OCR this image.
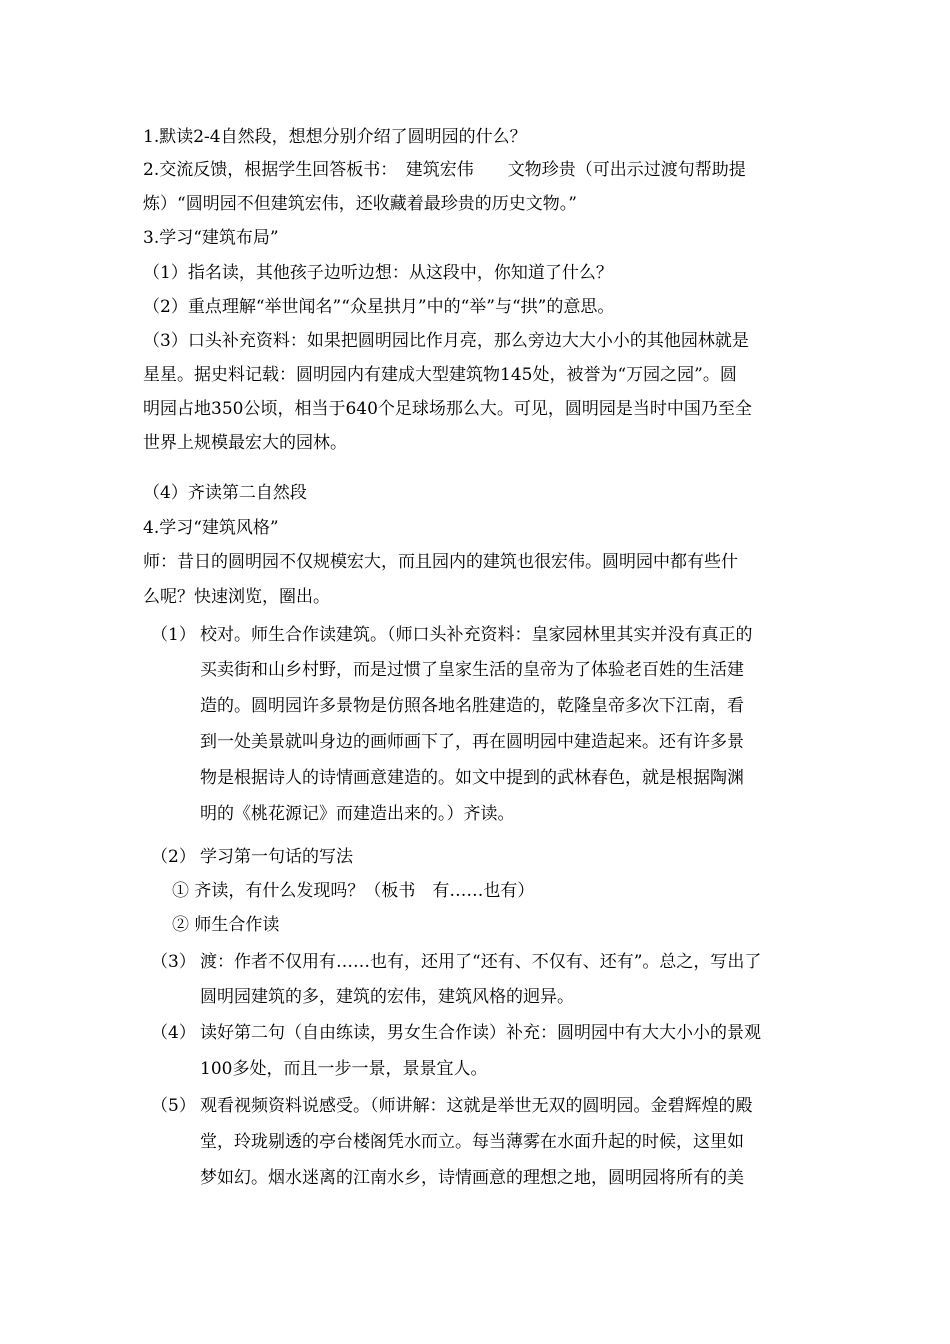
1.默读2-4自然段，想想分别介绍了圆明园的什么？
2.交流反馈，根据学生回答板书：　建筑宏伟　　文物珍贵（可出示过渡句帮助提
炼）“圆明园不但建筑宏伟，还收藏着最珍贵的历史文物。”
3.学习“建筑布局”
（1）指名读，其他孩子边听边想：从这段中，你知道了什么？
（2）重点理解“举世闻名”“众星拱月”中的“举”与“拱”的意思。
（3）口头补充资料：如果把圆明园比作月亮，那么旁边大大小小的其他园林就是
星星。据史料记载：圆明园内有建成大型建筑物145处，被誉为“万园之园”。圆
明园占地350公顷，相当于640个足球场那么大。可见，圆明园是当时中国乃至全
世界上规模最宏大的园林。
（4）齐读第二自然段
4.学习“建筑风格”
师：昔日的圆明园不仅规模宏大，而且园内的建筑也很宏伟。圆明园中都有些什
么呢？快速浏览，圈出。
（1） 校对。师生合作读建筑。（师口头补充资料：皇家园林里其实并没有真正的
买卖街和山乡村野，而是过惯了皇家生活的皇帝为了体验老百姓的生活建
造的。圆明园许多景物是仿照各地名胜建造的，乾隆皇帝多次下江南，看
到一处美景就叫身边的画师画下了，再在圆明园中建造起来。还有许多景
物是根据诗人的诗情画意建造的。如文中提到的武林春色，就是根据陶渊
明的《桃花源记》而建造出来的。）齐读。
（2） 学习第一句话的写法
① 齐读，有什么发现吗？（板书　有……也有）
② 师生合作读
（3） 渡：作者不仅用有……也有，还用了“还有、不仅有、还有”。总之，写出了
圆明园建筑的多，建筑的宏伟，建筑风格的迥异。
（4） 读好第二句（自由练读，男女生合作读）补充：圆明园中有大大小小的景观
100多处，而且一步一景，景景宜人。
（5） 观看视频资料说感受。（师讲解：这就是举世无双的圆明园。金碧辉煌的殿
堂，玲珑剔透的亭台楼阁凭水而立。每当薄雾在水面升起的时候，这里如
梦如幻。烟水迷离的江南水乡，诗情画意的理想之地，圆明园将所有的美
